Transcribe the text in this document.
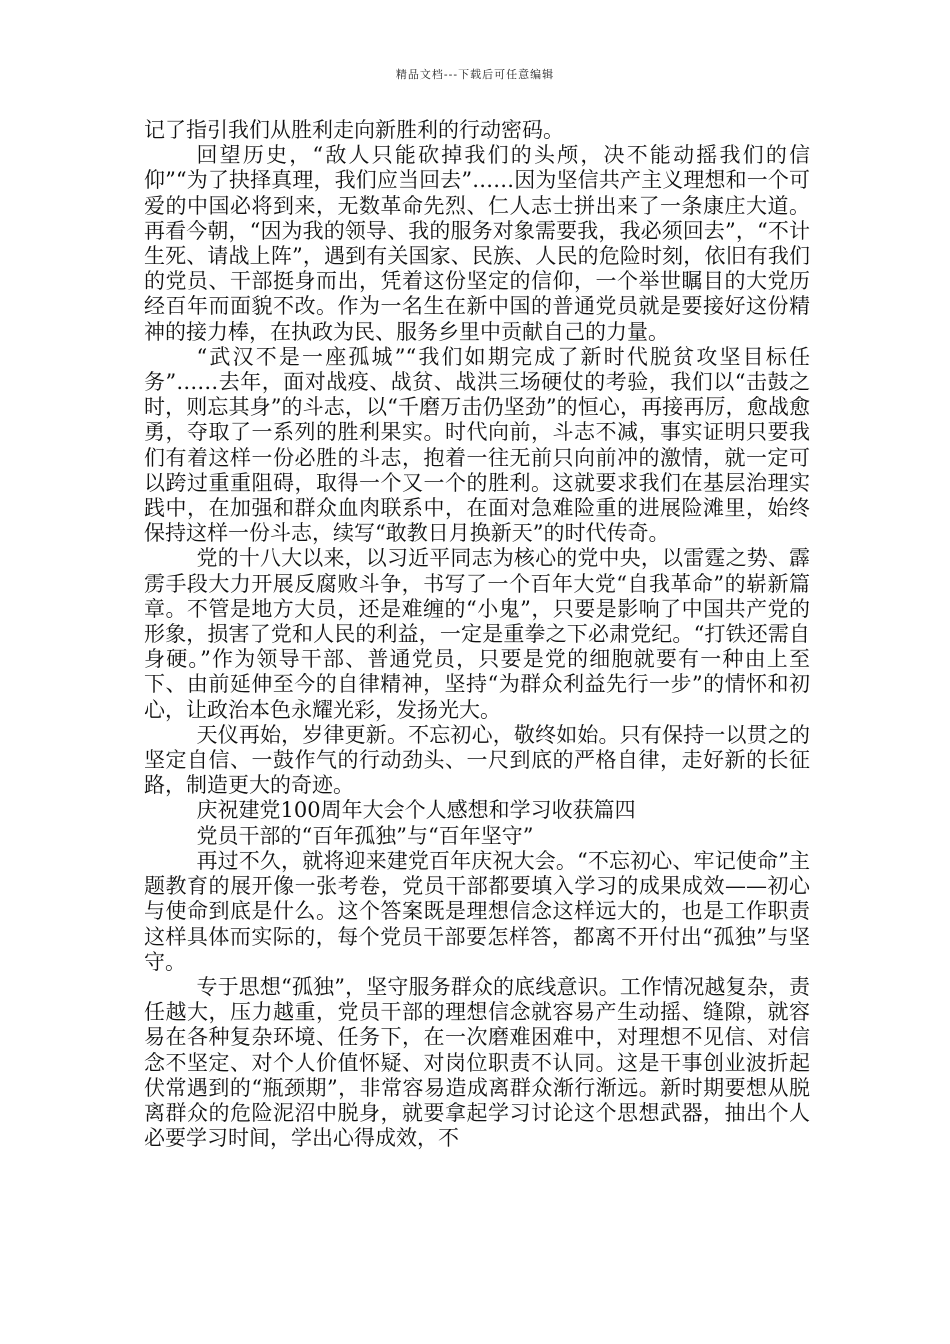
精品文档---下载后可任意编辑

记了指引我们从胜利走向新胜利的行动密码。

回望历史，“敌人只能砍掉我们的头颅，决不能动摇我们的信仰”“为了抉择真理，我们应当回去”……因为坚信共产主义理想和一个可爱的中国必将到来，无数革命先烈、仁人志士拼出来了一条康庄大道。再看今朝，“因为我的领导、我的服务对象需要我，我必须回去”，“不计生死、请战上阵”，遇到有关国家、民族、人民的危险时刻，依旧有我们的党员、干部挺身而出，凭着这份坚定的信仰，一个举世瞩目的大党历经百年而面貌不改。作为一名生在新中国的普通党员就是要接好这份精神的接力棒，在执政为民、服务乡里中贡献自己的力量。

“武汉不是一座孤城”“我们如期完成了新时代脱贫攻坚目标任务”……去年，面对战疫、战贫、战洪三场硬仗的考验，我们以“击鼓之时，则忘其身”的斗志，以“千磨万击仍坚劲”的恒心，再接再厉，愈战愈勇，夺取了一系列的胜利果实。时代向前，斗志不减，事实证明只要我们有着这样一份必胜的斗志，抱着一往无前只向前冲的激情，就一定可以跨过重重阻碍，取得一个又一个的胜利。这就要求我们在基层治理实践中，在加强和群众血肉联系中，在面对急难险重的进展险滩里，始终保持这样一份斗志，续写“敢教日月换新天”的时代传奇。

党的十八大以来，以习近平同志为核心的党中央，以雷霆之势、霹雳手段大力开展反腐败斗争，书写了一个百年大党“自我革命”的崭新篇章。不管是地方大员，还是难缠的“小鬼”，只要是影响了中国共产党的形象，损害了党和人民的利益，一定是重拳之下必肃党纪。“打铁还需自身硬。”作为领导干部、普通党员，只要是党的细胞就要有一种由上至下、由前延伸至今的自律精神，坚持“为群众利益先行一步”的情怀和初心，让政治本色永耀光彩，发扬光大。

天仪再始，岁律更新。不忘初心，敬终如始。只有保持一以贯之的坚定自信、一鼓作气的行动劲头、一尺到底的严格自律，走好新的长征路，制造更大的奇迹。

庆祝建党100周年大会个人感想和学习收获篇四

党员干部的“百年孤独”与“百年坚守”

再过不久，就将迎来建党百年庆祝大会。“不忘初心、牢记使命”主题教育的展开像一张考卷，党员干部都要填入学习的成果成效——初心与使命到底是什么。这个答案既是理想信念这样远大的，也是工作职责这样具体而实际的，每个党员干部要怎样答，都离不开付出“孤独”与坚守。

专于思想“孤独”，坚守服务群众的底线意识。工作情况越复杂，责任越大，压力越重，党员干部的理想信念就容易产生动摇、缝隙，就容易在各种复杂环境、任务下，在一次磨难困难中，对理想不见信、对信念不坚定、对个人价值怀疑、对岗位职责不认同。这是干事创业波折起伏常遇到的“瓶颈期”，非常容易造成离群众渐行渐远。新时期要想从脱离群众的危险泥沼中脱身，就要拿起学习讨论这个思想武器，抽出个人必要学习时间，学出心得成效，不
